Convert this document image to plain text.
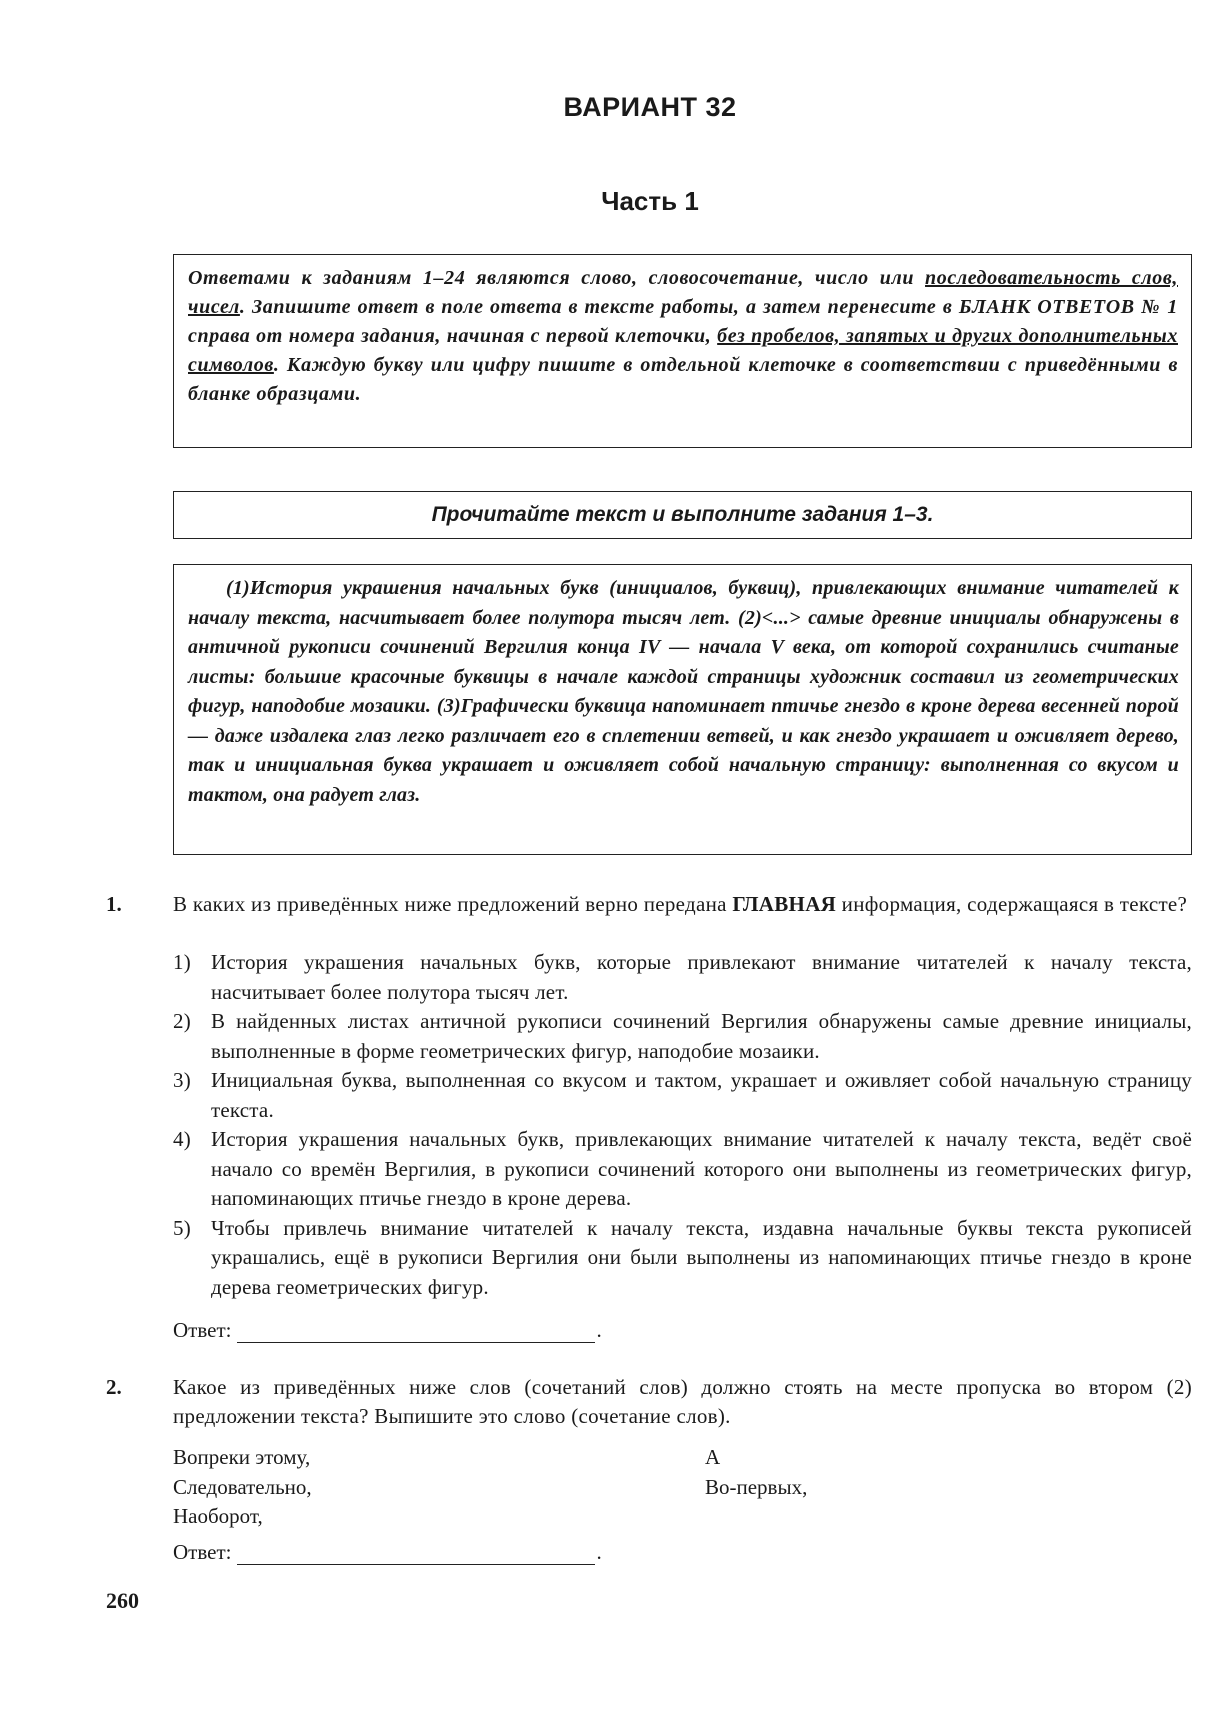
ВАРИАНТ 32
Часть 1

Ответами к заданиям 1–24 являются слово, словосочетание, число или последовательность слов, чисел. Запишите ответ в поле ответа в тексте работы, а затем перенесите в БЛАНК ОТВЕТОВ № 1 справа от номера задания, начиная с первой клеточки, без пробелов, запятых и других дополнительных символов. Каждую букву или цифру пишите в отдельной клеточке в соответствии с приведёнными в бланке образцами.

Прочитайте текст и выполните задания 1–3.

(1)История украшения начальных букв (инициалов, буквиц), привлекающих внимание читателей к началу текста, насчитывает более полутора тысяч лет. (2)<...> самые древние инициалы обнаружены в античной рукописи сочинений Вергилия конца IV — начала V века, от которой сохранились считаные листы: большие красочные буквицы в начале каждой страницы художник составил из геометрических фигур, наподобие мозаики. (3)Графически буквица напоминает птичье гнездо в кроне дерева весенней порой — даже издалека глаз легко различает его в сплетении ветвей, и как гнездо украшает и оживляет дерево, так и инициальная буква украшает и оживляет собой начальную страницу: выполненная со вкусом и тактом, она радует глаз.

1. В каких из приведённых ниже предложений верно передана ГЛАВНАЯ информация, содержащаяся в тексте?

1) История украшения начальных букв, которые привлекают внимание читателей к началу текста, насчитывает более полутора тысяч лет.
2) В найденных листах античной рукописи сочинений Вергилия обнаружены самые древние инициалы, выполненные в форме геометрических фигур, наподобие мозаики.
3) Инициальная буква, выполненная со вкусом и тактом, украшает и оживляет собой начальную страницу текста.
4) История украшения начальных букв, привлекающих внимание читателей к началу текста, ведёт своё начало со времён Вергилия, в рукописи сочинений которого они выполнены из геометрических фигур, напоминающих птичье гнездо в кроне дерева.
5) Чтобы привлечь внимание читателей к началу текста, издавна начальные буквы текста рукописей украшались, ещё в рукописи Вергилия они были выполнены из напоминающих птичье гнездо в кроне дерева геометрических фигур.
Ответ:	.
2. Какое из приведённых ниже слов (сочетаний слов) должно стоять на месте пропуска во втором (2) предложении текста? Выпишите это слово (сочетание слов).

Вопреки этому,
Следовательно,
Наоборот,
А
Во-первых,
Ответ:	.
260
